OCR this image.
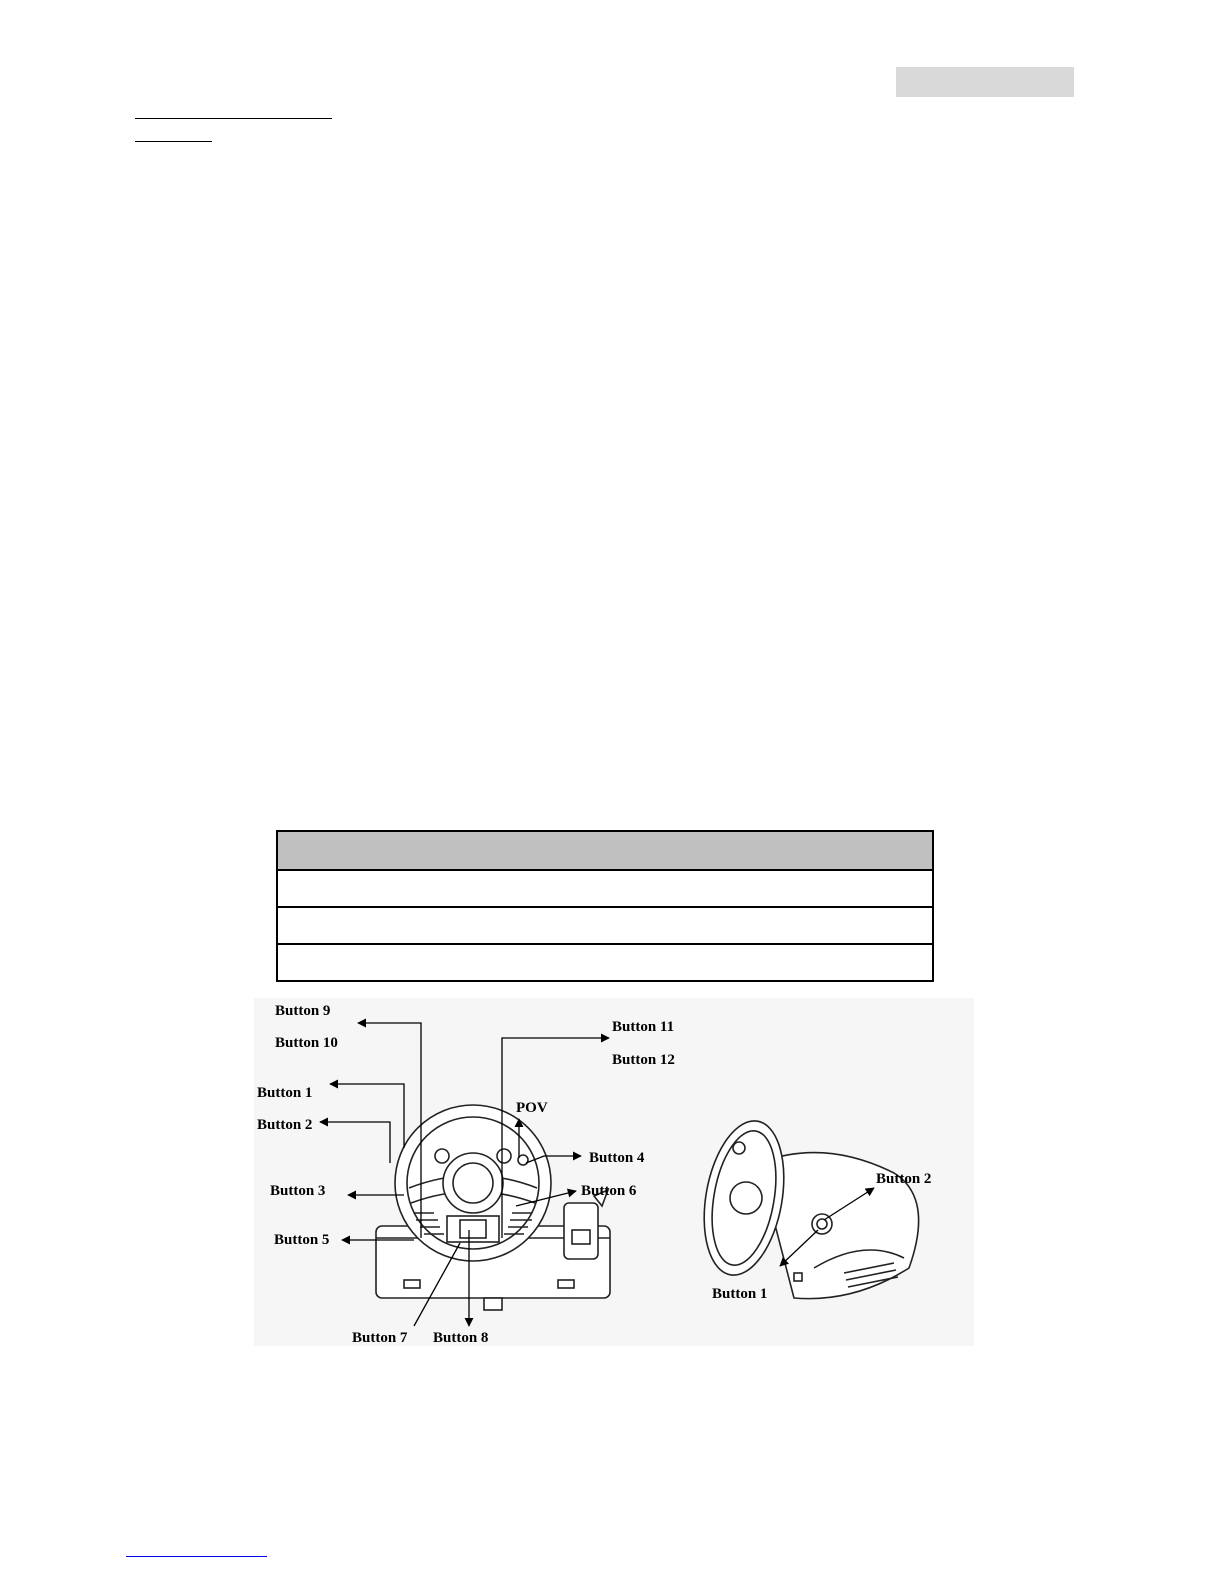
Button 9
Button 10
Button 11
Button 12
Button 1
Button 2
POV
Button 4
Button 3	Button 6
Button 5
Button 7 Button 8
Button 2
Button 1
